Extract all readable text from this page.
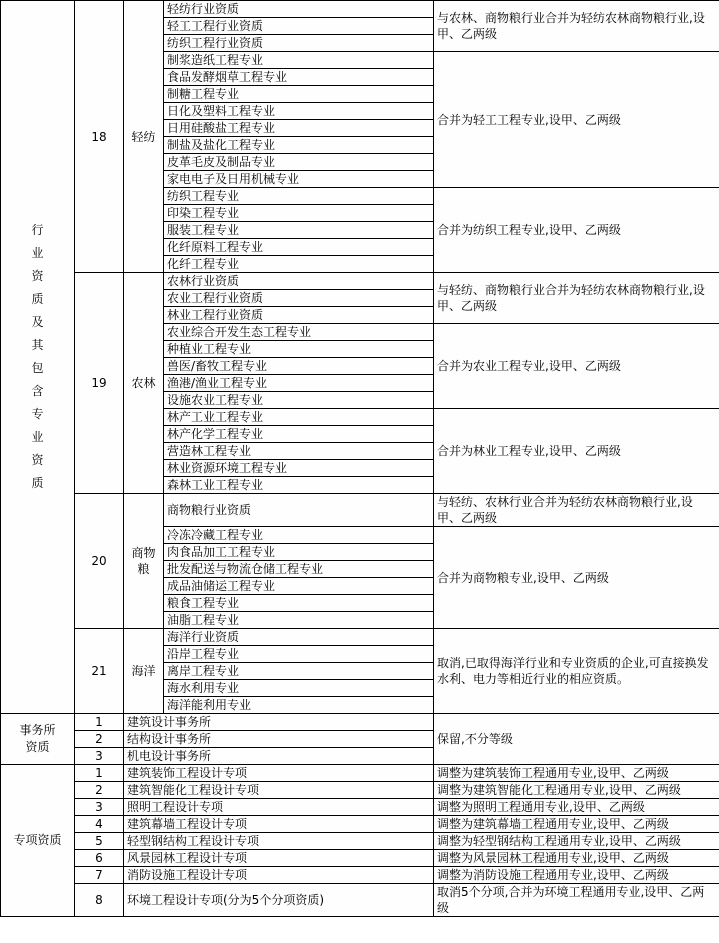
行业资质及其包含专业资质	18	轻纺	轻纺行业资质	与农林、商物粮行业合并为轻纺农林商物粮行业,设甲、乙两级

			轻工工程行业资质	

			纺织工程行业资质	

			制浆造纸工程专业	合并为轻工工程专业,设甲、乙两级

			食品发酵烟草工程专业	

			制糖工程专业	

			日化及塑料工程专业	

			日用硅酸盐工程专业	

			制盐及盐化工程专业	

			皮革毛皮及制品专业	

			家电电子及日用机械专业	

			纺织工程专业	合并为纺织工程专业,设甲、乙两级

			印染工程专业	

			服装工程专业	

			化纤原料工程专业	

			化纤工程专业	

	19	农林	农林行业资质	与轻纺、商物粮行业合并为轻纺农林商物粮行业,设甲、乙两级

			农业工程行业资质	

			林业工程行业资质	

			农业综合开发生态工程专业	合并为农业工程专业,设甲、乙两级

			种植业工程专业	

			兽医/畜牧工程专业	

			渔港/渔业工程专业	

			设施农业工程专业	

			林产工业工程专业	合并为林业工程专业,设甲、乙两级

			林产化学工程专业	

			营造林工程专业	

			林业资源环境工程专业	

			森林工业工程专业	

	20	商物粮	商物粮行业资质	与轻纺、农林行业合并为轻纺农林商物粮行业,设甲、乙两级

			冷冻冷藏工程专业	合并为商物粮专业,设甲、乙两级

			肉食品加工工程专业	

			批发配送与物流仓储工程专业	

			成品油储运工程专业	

			粮食工程专业	

			油脂工程专业	

	21	海洋	海洋行业资质	取消,已取得海洋行业和专业资质的企业,可直接换发水利、电力等相近行业的相应资质。

			沿岸工程专业	

			离岸工程专业	

			海水利用专业	

			海洋能利用专业	

事务所资质	1	建筑设计事务所		保留,不分等级

	2	结构设计事务所		

	3	机电设计事务所		

专项资质	1	建筑装饰工程设计专项		调整为建筑装饰工程通用专业,设甲、乙两级

	2	建筑智能化工程设计专项		调整为建筑智能化工程通用专业,设甲、乙两级

	3	照明工程设计专项		调整为照明工程通用专业,设甲、乙两级

	4	建筑幕墙工程设计专项		调整为建筑幕墙工程通用专业,设甲、乙两级

	5	轻型钢结构工程设计专项		调整为轻型钢结构工程通用专业,设甲、乙两级

	6	风景园林工程设计专项		调整为风景园林工程通用专业,设甲、乙两级

	7	消防设施工程设计专项		调整为消防设施工程通用专业,设甲、乙两级

	8	环境工程设计专项(分为5个分项资质)		取消5个分项,合并为环境工程通用专业,设甲、乙两级
